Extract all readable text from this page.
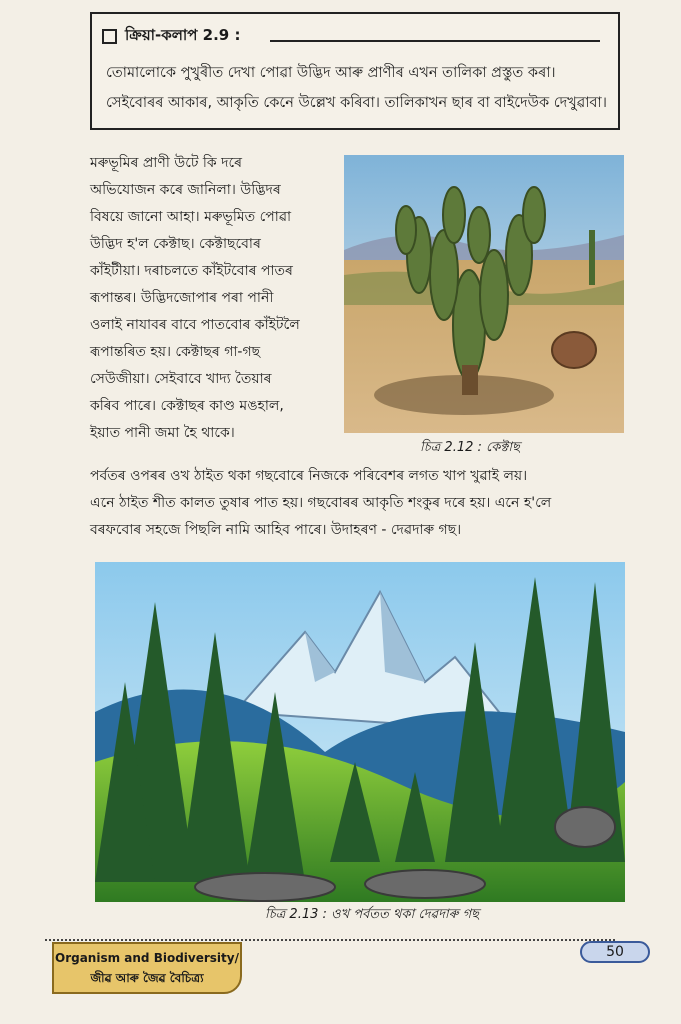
ক্রিয়া-কলাপ 2.9 :
তোমালোকে পুখুৰীত দেখা পোৱা উদ্ভিদ আৰু প্ৰাণীৰ এখন তালিকা প্ৰস্তুত কৰা।
সেইবোৰৰ আকাৰ, আকৃতি কেনে উল্লেখ কৰিবা। তালিকাখন ছাৰ বা বাইদেউক দেখুৱাবা।
মৰুভূমিৰ প্ৰাণী উটে কি দৰে
অভিযোজন কৰে জানিলা। উদ্ভিদৰ
বিষয়ে জানো আহা। মৰুভূমিত পোৱা
উদ্ভিদ হ'ল কেক্টাছ। কেক্টাছবোৰ
কাঁইটীয়া। দৰাচলতে কাঁইটবোৰ পাতৰ
ৰূপান্তৰ। উদ্ভিদজোপাৰ পৰা পানী
ওলাই নাযাবৰ বাবে পাতবোৰ কাঁইটলৈ
ৰূপান্তৰিত হয়। কেক্টাছৰ গা-গছ
সেউজীয়া। সেইবাবে খাদ্য তৈয়াৰ
কৰিব পাৰে। কেক্টাছৰ কাণ্ড মঙহাল,
ইয়াত পানী জমা হৈ থাকে।
চিত্ৰ 2.12 : কেক্টাছ
পৰ্বতৰ ওপৰৰ ওখ ঠাইত থকা গছবোৰে নিজকে পৰিবেশৰ লগত খাপ খুৱাই লয়।
এনে ঠাইত শীত কালত তুষাৰ পাত হয়। গছবোৰৰ আকৃতি শংকুৰ দৰে হয়। এনে হ'লে
বৰফবোৰ সহজে পিছলি নামি আহিব পাৰে। উদাহৰণ - দেৱদাৰু গছ।
চিত্ৰ 2.13 : ওখ পৰ্বতত থকা দেৱদাৰু গছ
Organism and Biodiversity/
জীৱ আৰু জৈৱ বৈচিত্ৰ্য
50
